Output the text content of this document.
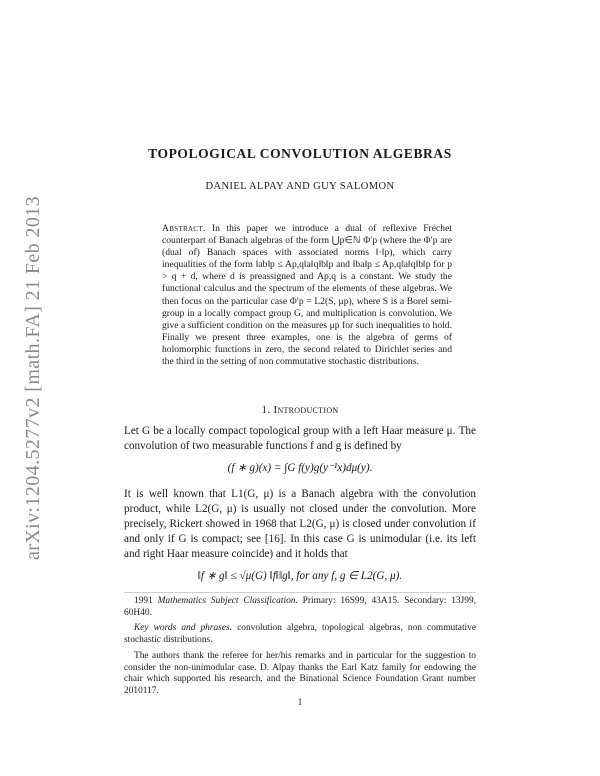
arXiv:1204.5277v2 [math.FA] 21 Feb 2013
TOPOLOGICAL CONVOLUTION ALGEBRAS
DANIEL ALPAY AND GUY SALOMON
Abstract. In this paper we introduce a dual of reflexive Fréchet counterpart of Banach algebras of the form ⋃p∈ℕ Φ′p (where the Φ′p are (dual of) Banach spaces with associated norms ‖·‖p), which carry inequalities of the form ‖ab‖p ≤ Ap,q‖a‖q‖b‖p and ‖ba‖p ≤ Ap,q‖a‖q‖b‖p for p > q + d, where d is preassigned and Ap,q is a constant. We study the functional calculus and the spectrum of the elements of these algebras. We then focus on the particular case Φ′p = L2(S, μp), where S is a Borel semi-group in a locally compact group G, and multiplication is convolution. We give a sufficient condition on the measures μp for such inequalities to hold. Finally we present three examples, one is the algebra of germs of holomorphic functions in zero, the second related to Dirichlet series and the third in the setting of non commutative stochastic distributions.
1. Introduction
Let G be a locally compact topological group with a left Haar measure μ. The convolution of two measurable functions f and g is defined by
(f ∗ g)(x) = ∫G f(y)g(y⁻¹x)dμ(y).
It is well known that L1(G, μ) is a Banach algebra with the convolution product, while L2(G, μ) is usually not closed under the convolution. More precisely, Rickert showed in 1968 that L2(G, μ) is closed under convolution if and only if G is compact; see [16]. In this case G is unimodular (i.e. its left and right Haar measure coincide) and it holds that
‖f ∗ g‖ ≤ √μ(G) ‖f‖‖g‖, for any f, g ∈ L2(G, μ).
1991 Mathematics Subject Classification. Primary: 16S99, 43A15. Secondary: 13J99, 60H40.
Key words and phrases. convolution algebra, topological algebras, non commutative stochastic distributions.
The authors thank the referee for her/his remarks and in particular for the suggestion to consider the non-unimodular case. D. Alpay thanks the Earl Katz family for endowing the chair which supported his research, and the Binational Science Foundation Grant number 2010117.
1
